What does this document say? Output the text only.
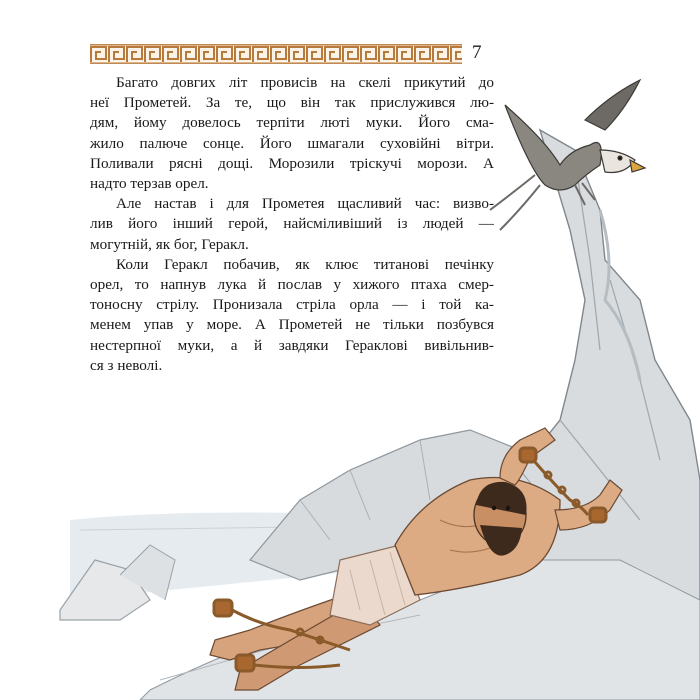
7
Багато довгих літ провисів на скелі прикутий до
неї Прометей. За те, що він так прислужився лю-
дям, йому довелось терпіти люті муки. Його сма-
жило палюче сонце. Його шмагали суховійні вітри.
Поливали рясні дощі. Морозили тріскучі морози. А
надто терзав орел.
Але настав і для Прометея щасливий час: визво-
лив його інший герой, найсміливіший із людей —
могутній, як бог, Геракл.
Коли Геракл побачив, як клює титанові печінку
орел, то напнув лука й послав у хижого птаха смер-
тоносну стрілу. Пронизала стріла орла — і той ка-
менем упав у море. А Прометей не тільки позбувся
нестерпної муки, а й завдяки Гераклові вивільнив-
ся з неволі.
